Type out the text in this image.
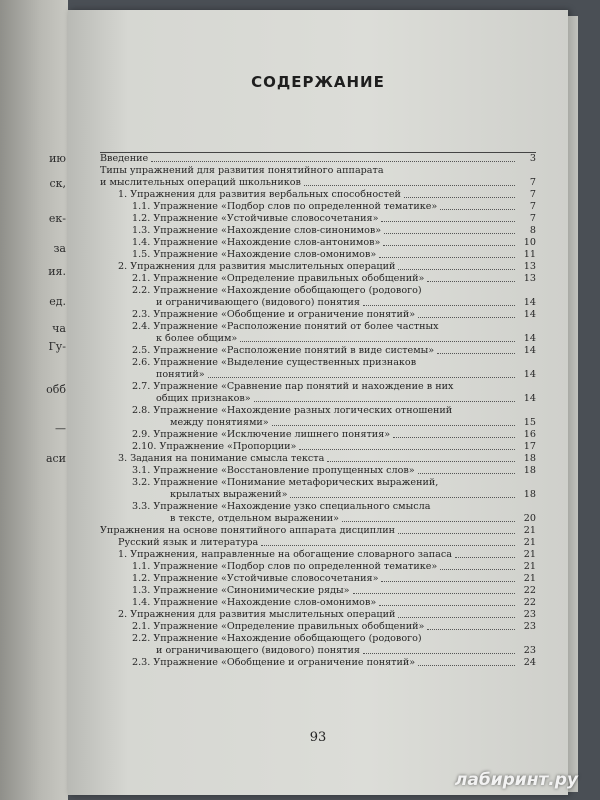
ию
ск,
ек-
за
ия.
ед.
ча
Гу-
обб
—
аси
СОДЕРЖАНИЕ
Введение	3
Типы упражнений для развития понятийного аппарата
и мыслительных операций школьников	7
1. Упражнения для развития вербальных способностей	7
1.1. Упражнение «Подбор слов по определенной тематике»	7
1.2. Упражнение «Устойчивые словосочетания»	7
1.3. Упражнение «Нахождение слов-синонимов»	8
1.4. Упражнение «Нахождение слов-антонимов»	10
1.5. Упражнение «Нахождение слов-омонимов»	11
2. Упражнения для развития мыслительных операций	13
2.1. Упражнение «Определение правильных обобщений»	13
2.2. Упражнение «Нахождение обобщающего (родового)
и ограничивающего (видового) понятия	14
2.3. Упражнение «Обобщение и ограничение понятий»	14
2.4. Упражнение «Расположение понятий от более частных
к более общим»	14
2.5. Упражнение «Расположение понятий в виде системы»	14
2.6. Упражнение «Выделение существенных признаков
понятий»	14
2.7. Упражнение «Сравнение пар понятий и нахождение в них
общих признаков»	14
2.8. Упражнение «Нахождение разных логических отношений
между понятиями»	15
2.9. Упражнение «Исключение лишнего понятия»	16
2.10. Упражнение «Пропорции»	17
3. Задания на понимание смысла текста	18
3.1. Упражнение «Восстановление пропущенных слов»	18
3.2. Упражнение «Понимание метафорических выражений,
крылатых выражений»	18
3.3. Упражнение «Нахождение узко специального смысла
в тексте, отдельном выражении»	20
Упражнения на основе понятийного аппарата дисциплин	21
Русский язык и литература	21
1. Упражнения, направленные на обогащение словарного запаса	21
1.1. Упражнение «Подбор слов по определенной тематике»	21
1.2. Упражнение «Устойчивые словосочетания»	21
1.3. Упражнение «Синонимические ряды»	22
1.4. Упражнение «Нахождение слов-омонимов»	22
2. Упражнения для развития мыслительных операций	23
2.1. Упражнение «Определение правильных обобщений»	23
2.2. Упражнение «Нахождение обобщающего (родового)
и ограничивающего (видового) понятия	23
2.3. Упражнение «Обобщение и ограничение понятий»	24
93
лабиринт.ру
